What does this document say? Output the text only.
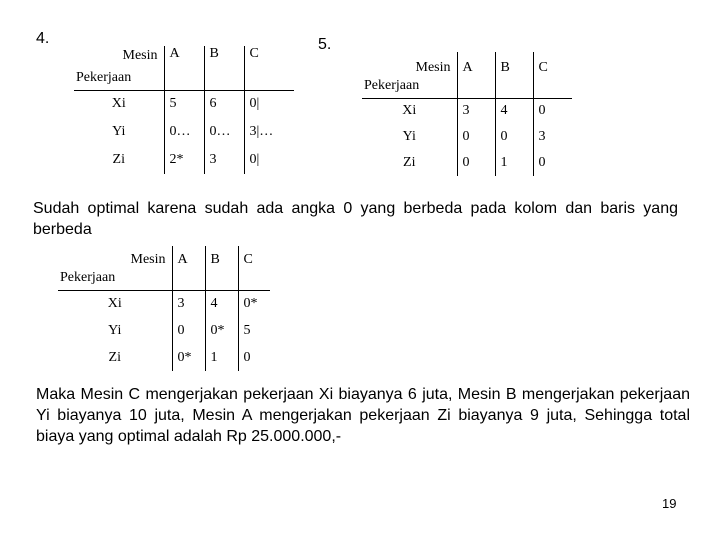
4.
Mesin
Pekerjaan	A	B	C
Xi	5	6	0|
Yi	0…	0…	3|…
Zi	2*	3	0|
5.
Mesin
Pekerjaan	A	B	C
Xi	3	4	0
Yi	0	0	3
Zi	0	1	0
Sudah optimal karena sudah ada angka 0 yang berbeda pada kolom dan baris yang berbeda
Mesin
Pekerjaan	A	B	C
Xi	3	4	0*
Yi	0	0*	5
Zi	0*	1	0
Maka Mesin C mengerjakan pekerjaan Xi biayanya 6 juta, Mesin B mengerjakan pekerjaan Yi biayanya 10 juta, Mesin A mengerjakan pekerjaan Zi biayanya 9 juta, Sehingga total biaya yang optimal adalah Rp 25.000.000,-
19
